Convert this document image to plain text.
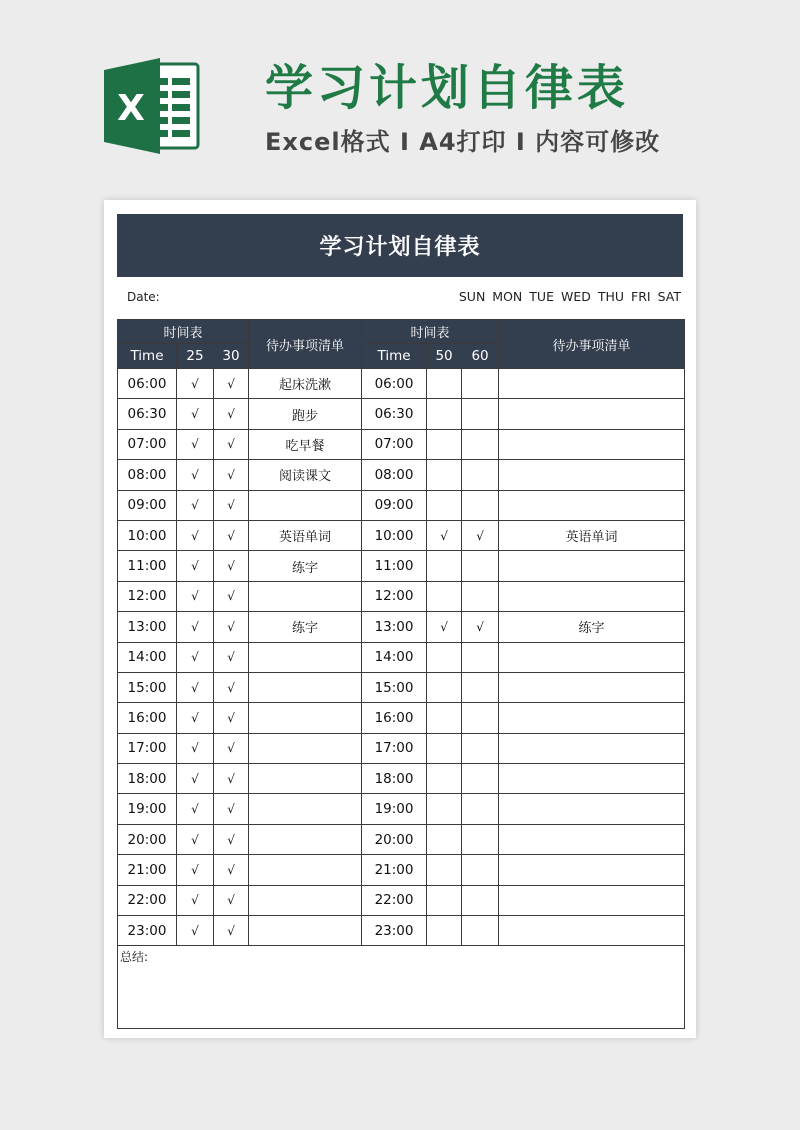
X	学习计划自律表
Excel格式 I A4打印 I 内容可修改
学习计划自律表
Date:	SUN MON TUE WED THU FRI SAT
时间表			待办事项清单	时间表			待办事项清单
Time	25	30		Time	50	60	
06:00	√	√	起床洗漱	06:00			
06:30	√	√	跑步	06:30			
07:00	√	√	吃早餐	07:00			
08:00	√	√	阅读课文	08:00			
09:00	√	√		09:00			
10:00	√	√	英语单词	10:00	√	√	英语单词
11:00	√	√	练字	11:00			
12:00	√	√		12:00			
13:00	√	√	练字	13:00	√	√	练字
14:00	√	√		14:00			
15:00	√	√		15:00			
16:00	√	√		16:00			
17:00	√	√		17:00			
18:00	√	√		18:00			
19:00	√	√		19:00			
20:00	√	√		20:00			
21:00	√	√		21:00			
22:00	√	√		22:00			
23:00	√	√		23:00			
总结:							
